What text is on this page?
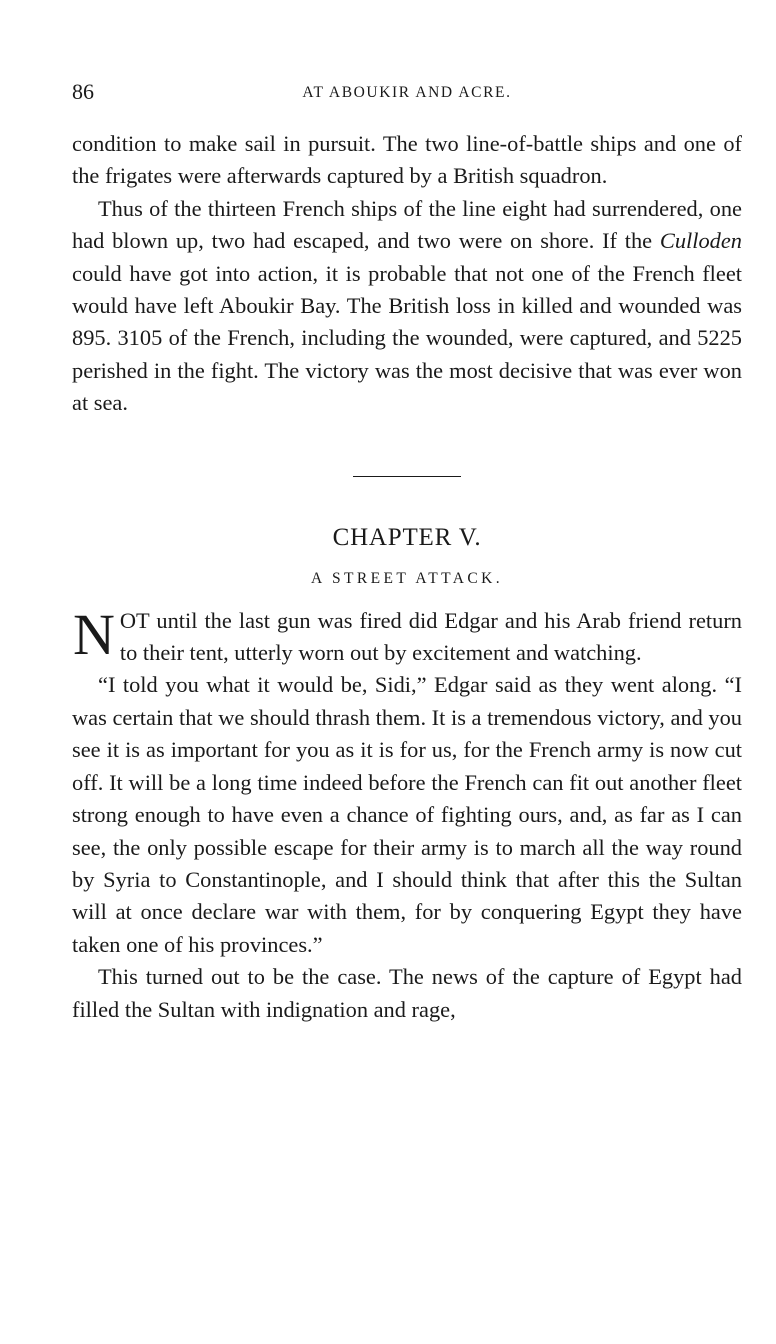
86	AT ABOUKIR AND ACRE.

condition to make sail in pursuit. The two line-of-battle ships and one of the frigates were afterwards captured by a British squadron.

Thus of the thirteen French ships of the line eight had surrendered, one had blown up, two had escaped, and two were on shore. If the Culloden could have got into action, it is probable that not one of the French fleet would have left Aboukir Bay. The British loss in killed and wounded was 895. 3105 of the French, including the wounded, were captured, and 5225 perished in the fight. The victory was the most decisive that was ever won at sea.

CHAPTER V.
A STREET ATTACK.

NOT until the last gun was fired did Edgar and his Arab friend return to their tent, utterly worn out by excitement and watching.

“I told you what it would be, Sidi,” Edgar said as they went along. “I was certain that we should thrash them. It is a tremendous victory, and you see it is as important for you as it is for us, for the French army is now cut off. It will be a long time indeed before the French can fit out another fleet strong enough to have even a chance of fighting ours, and, as far as I can see, the only possible escape for their army is to march all the way round by Syria to Constantinople, and I should think that after this the Sultan will at once declare war with them, for by conquering Egypt they have taken one of his provinces.”

This turned out to be the case. The news of the capture of Egypt had filled the Sultan with indignation and rage,
